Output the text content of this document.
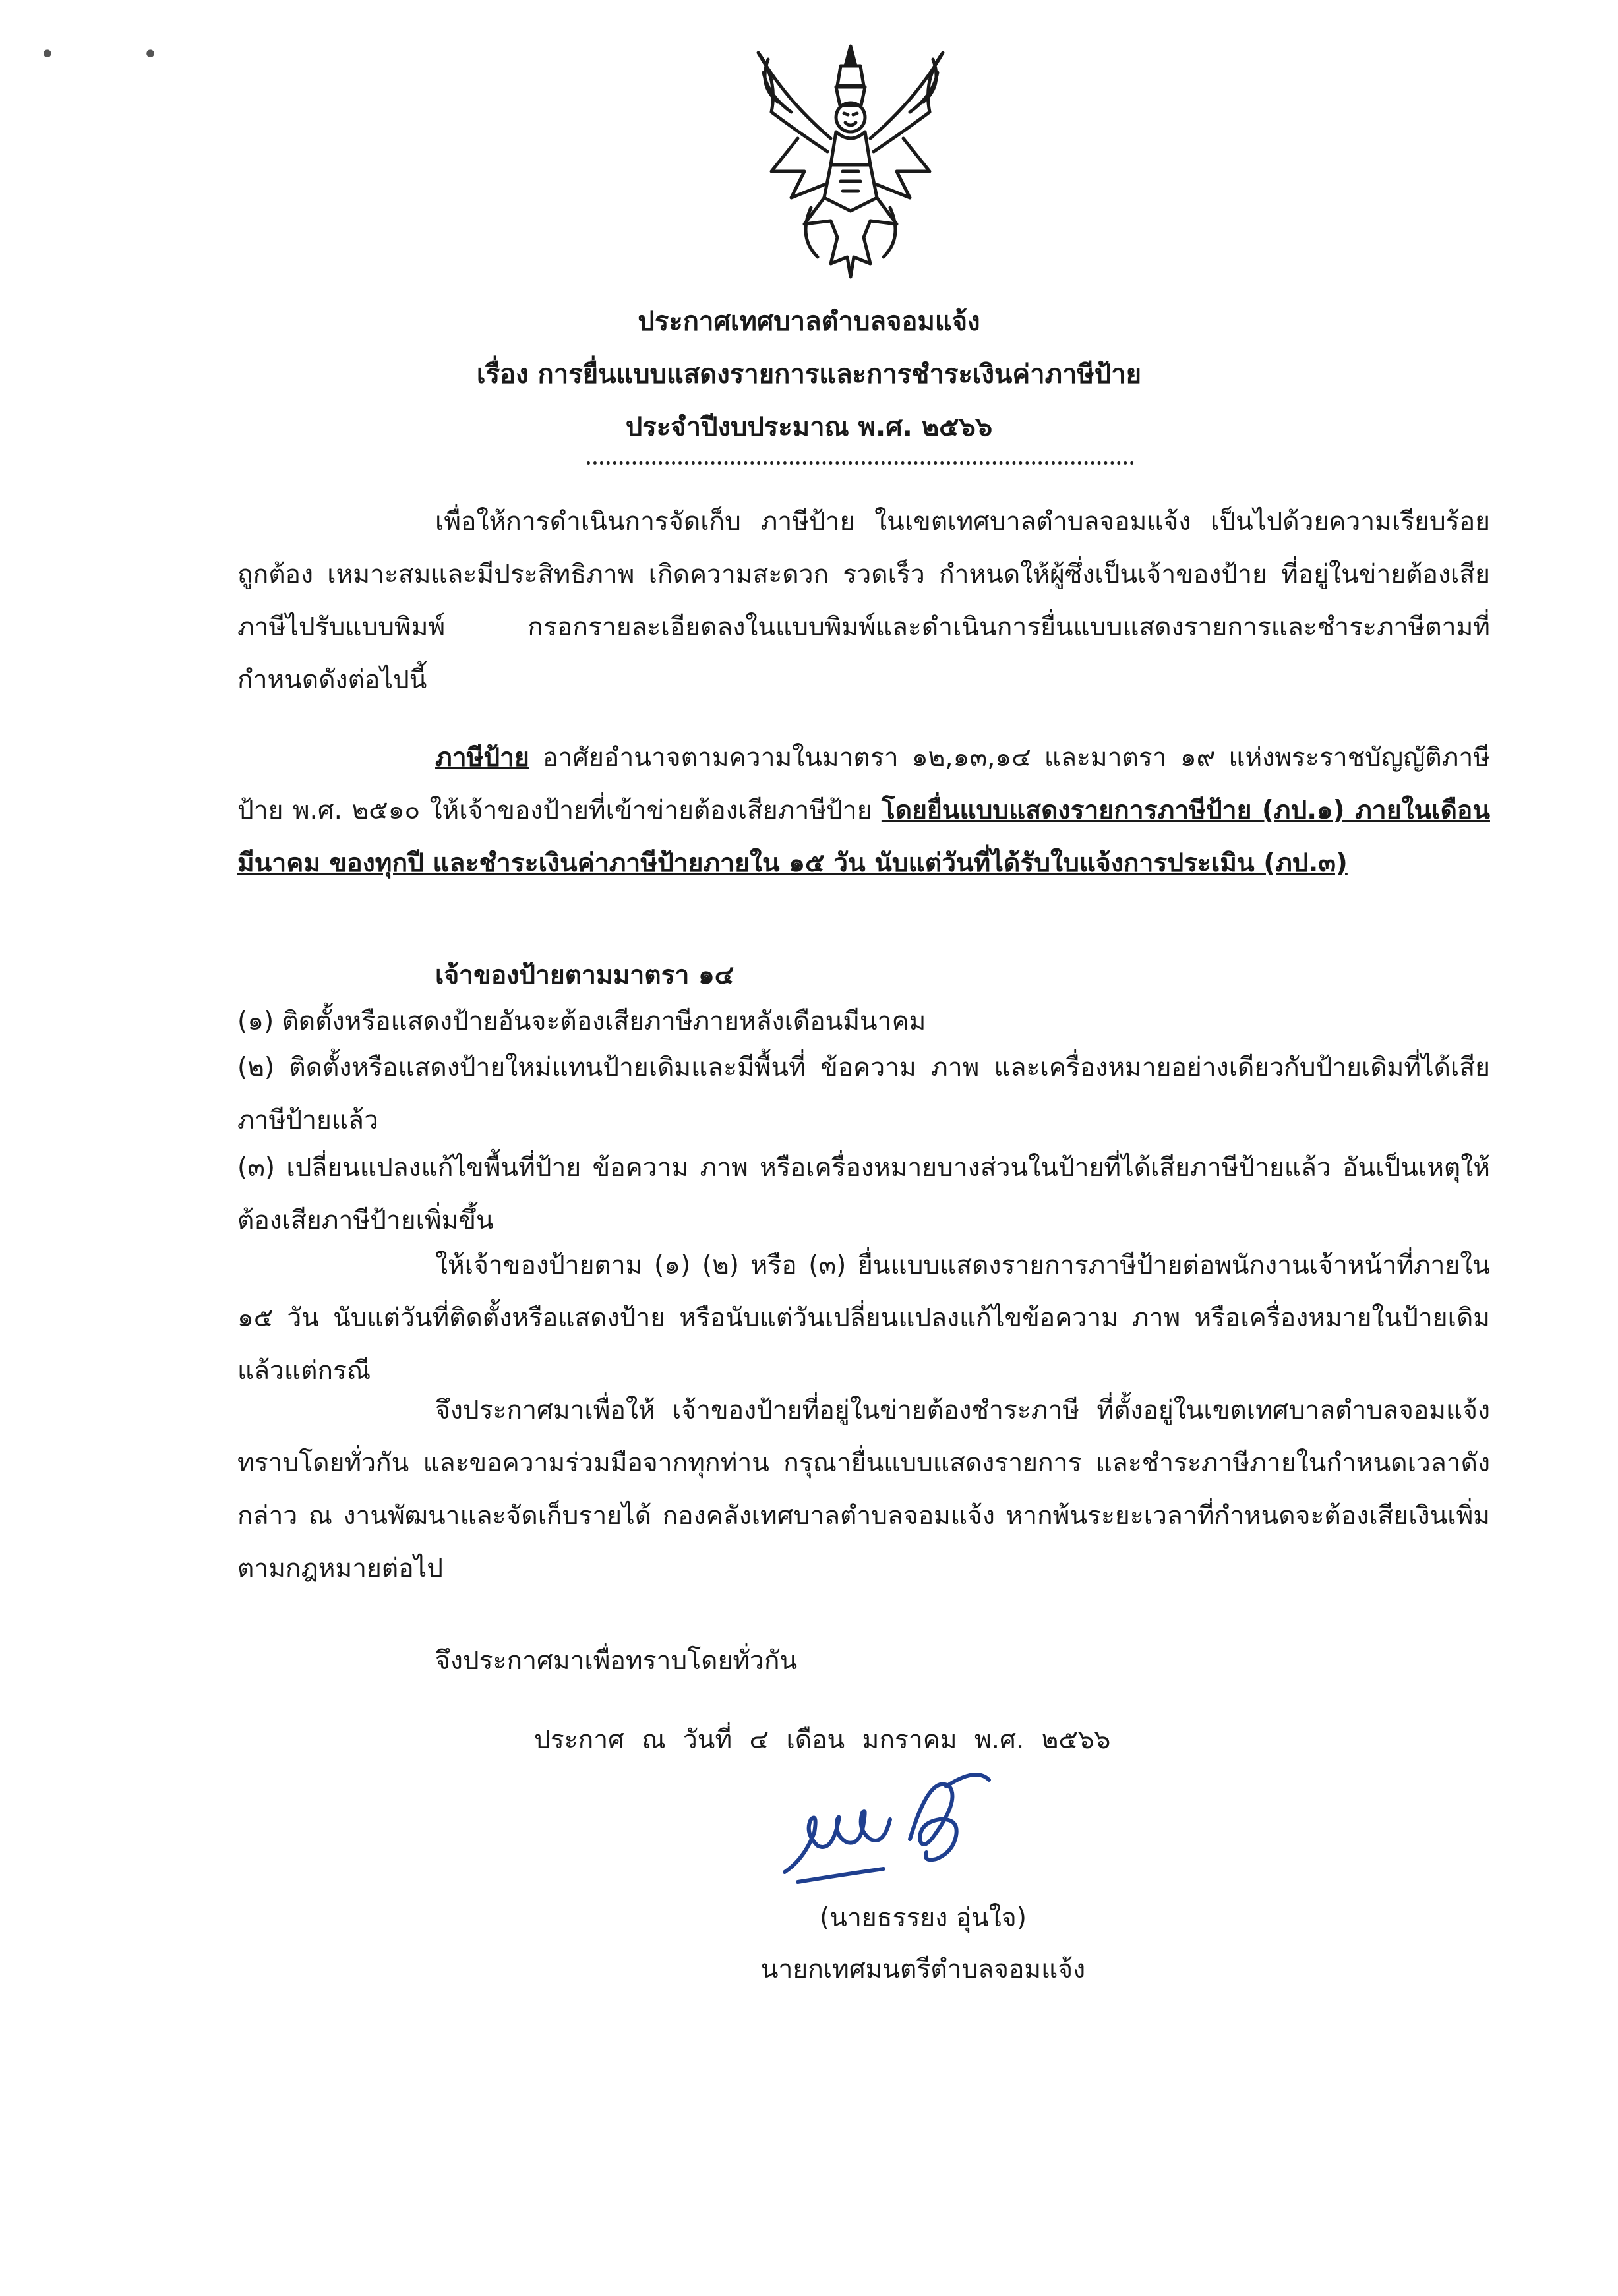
• •
ประกาศเทศบาลตำบลจอมแจ้ง
เรื่อง การยื่นแบบแสดงรายการและการชำระเงินค่าภาษีป้าย
ประจำปีงบประมาณ พ.ศ. ๒๕๖๖
เพื่อให้การดำเนินการจัดเก็บ ภาษีป้าย ในเขตเทศบาลตำบลจอมแจ้ง เป็นไปด้วยความเรียบร้อย ถูกต้อง เหมาะสมและมีประสิทธิภาพ เกิดความสะดวก รวดเร็ว กำหนดให้ผู้ซึ่งเป็นเจ้าของป้าย ที่อยู่ในข่ายต้องเสียภาษีไปรับแบบพิมพ์ กรอกรายละเอียดลงในแบบพิมพ์และดำเนินการยื่นแบบแสดงรายการและชำระภาษีตามที่กำหนดดังต่อไปนี้
ภาษีป้าย อาศัยอำนาจตามความในมาตรา ๑๒,๑๓,๑๔ และมาตรา ๑๙ แห่งพระราชบัญญัติภาษีป้าย พ.ศ. ๒๕๑๐ ให้เจ้าของป้ายที่เข้าข่ายต้องเสียภาษีป้าย โดยยื่นแบบแสดงรายการภาษีป้าย (ภป.๑) ภายในเดือน มีนาคม ของทุกปี และชำระเงินค่าภาษีป้ายภายใน ๑๕ วัน นับแต่วันที่ได้รับใบแจ้งการประเมิน (ภป.๓)
เจ้าของป้ายตามมาตรา ๑๔
(๑) ติดตั้งหรือแสดงป้ายอันจะต้องเสียภาษีภายหลังเดือนมีนาคม
(๒) ติดตั้งหรือแสดงป้ายใหม่แทนป้ายเดิมและมีพื้นที่ ข้อความ ภาพ และเครื่องหมายอย่างเดียวกับป้ายเดิมที่ได้เสียภาษีป้ายแล้ว
(๓) เปลี่ยนแปลงแก้ไขพื้นที่ป้าย ข้อความ ภาพ หรือเครื่องหมายบางส่วนในป้ายที่ได้เสียภาษีป้ายแล้ว อันเป็นเหตุให้ต้องเสียภาษีป้ายเพิ่มขึ้น
ให้เจ้าของป้ายตาม (๑) (๒) หรือ (๓) ยื่นแบบแสดงรายการภาษีป้ายต่อพนักงานเจ้าหน้าที่ภายใน ๑๕ วัน นับแต่วันที่ติดตั้งหรือแสดงป้าย หรือนับแต่วันเปลี่ยนแปลงแก้ไขข้อความ ภาพ หรือเครื่องหมายในป้ายเดิม แล้วแต่กรณี
จึงประกาศมาเพื่อให้ เจ้าของป้ายที่อยู่ในข่ายต้องชำระภาษี ที่ตั้งอยู่ในเขตเทศบาลตำบลจอมแจ้ง ทราบโดยทั่วกัน และขอความร่วมมือจากทุกท่าน กรุณายื่นแบบแสดงรายการ และชำระภาษีภายในกำหนดเวลาดังกล่าว ณ งานพัฒนาและจัดเก็บรายได้ กองคลังเทศบาลตำบลจอมแจ้ง หากพ้นระยะเวลาที่กำหนดจะต้องเสียเงินเพิ่มตามกฎหมายต่อไป
จึงประกาศมาเพื่อทราบโดยทั่วกัน
ประกาศ ณ วันที่ ๔ เดือน มกราคม พ.ศ. ๒๕๖๖
(นายธรรยง อุ่นใจ)
นายกเทศมนตรีตำบลจอมแจ้ง
